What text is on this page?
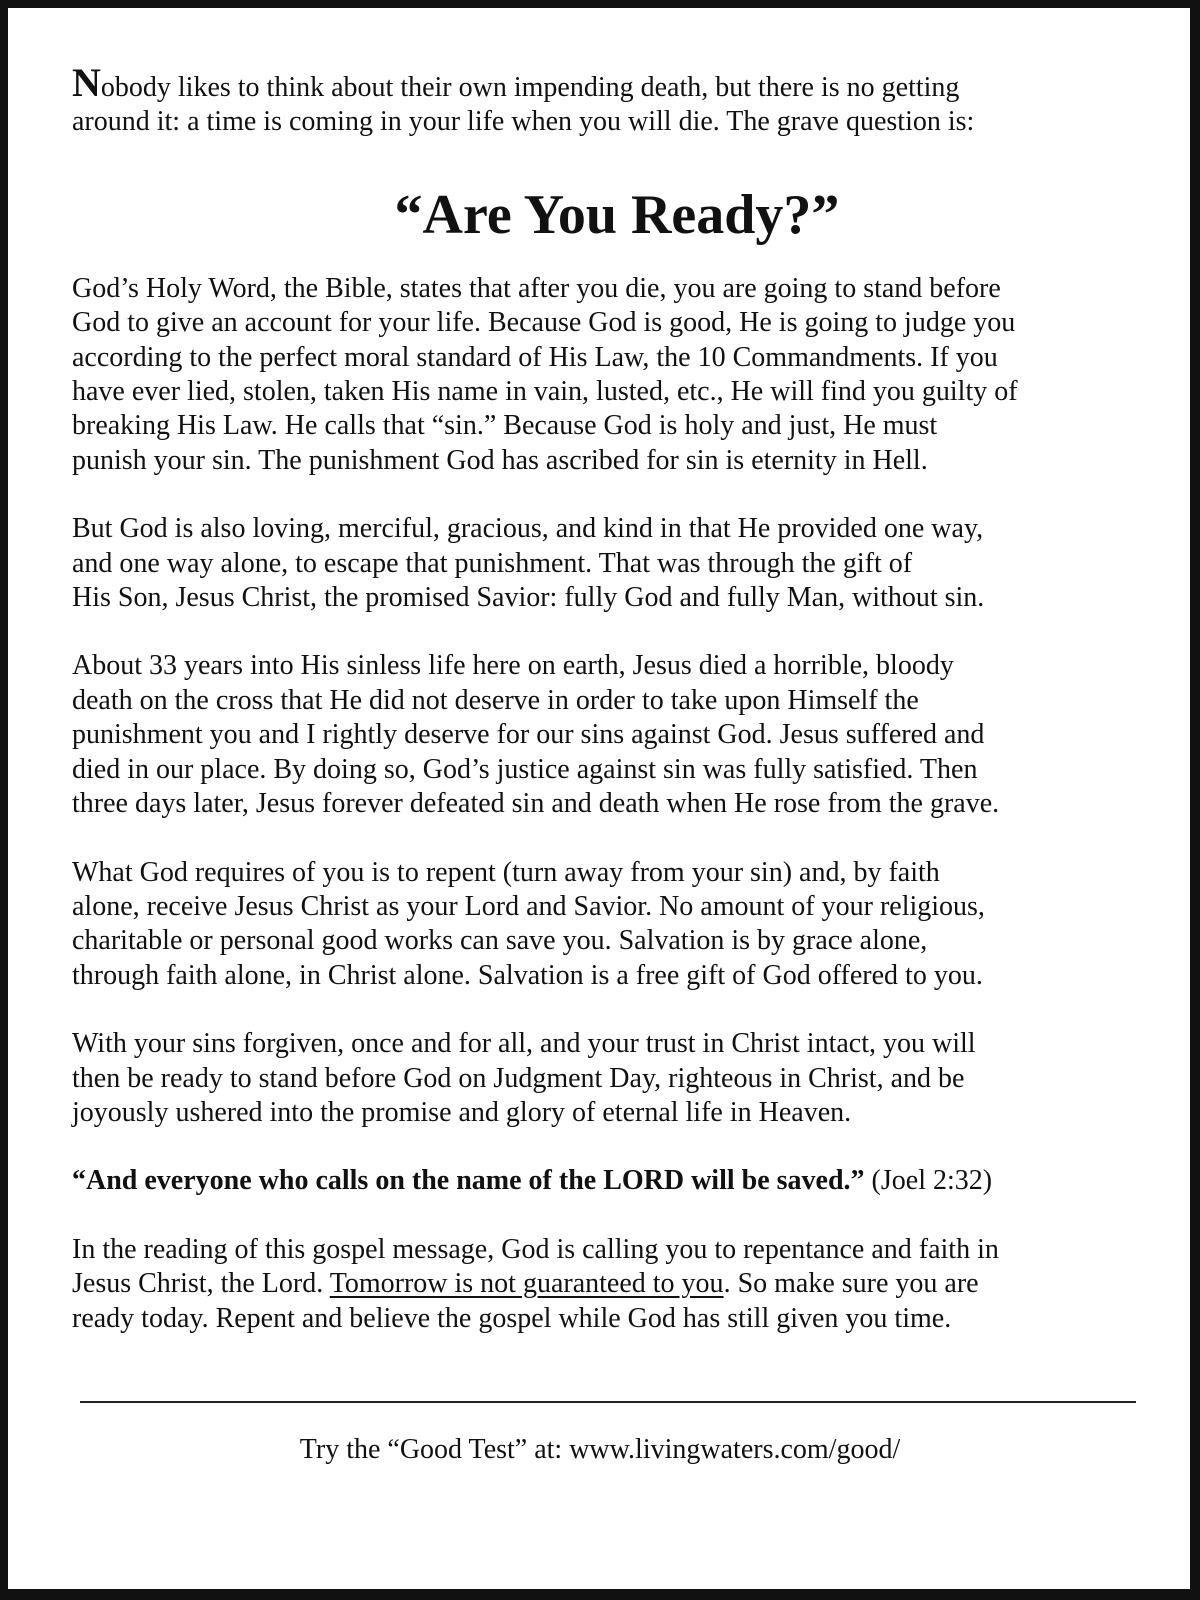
Nobody likes to think about their own impending death, but there is no getting

around it: a time is coming in your life when you will die. The grave question is:

“Are You Ready?”

God’s Holy Word, the Bible, states that after you die, you are going to stand before

God to give an account for your life. Because God is good, He is going to judge you

according to the perfect moral standard of His Law, the 10 Commandments. If you

have ever lied, stolen, taken His name in vain, lusted, etc., He will find you guilty of

breaking His Law. He calls that “sin.” Because God is holy and just, He must

punish your sin. The punishment God has ascribed for sin is eternity in Hell.

But God is also loving, merciful, gracious, and kind in that He provided one way,

and one way alone, to escape that punishment. That was through the gift of

His Son, Jesus Christ, the promised Savior: fully God and fully Man, without sin.

About 33 years into His sinless life here on earth, Jesus died a horrible, bloody

death on the cross that He did not deserve in order to take upon Himself the

punishment you and I rightly deserve for our sins against God. Jesus suffered and

died in our place. By doing so, God’s justice against sin was fully satisfied. Then

three days later, Jesus forever defeated sin and death when He rose from the grave.

What God requires of you is to repent (turn away from your sin) and, by faith

alone, receive Jesus Christ as your Lord and Savior. No amount of your religious,

charitable or personal good works can save you. Salvation is by grace alone,

through faith alone, in Christ alone. Salvation is a free gift of God offered to you.

With your sins forgiven, once and for all, and your trust in Christ intact, you will

then be ready to stand before God on Judgment Day, righteous in Christ, and be

joyously ushered into the promise and glory of eternal life in Heaven.

“And everyone who calls on the name of the LORD will be saved.” (Joel 2:32)

In the reading of this gospel message, God is calling you to repentance and faith in

Jesus Christ, the Lord. Tomorrow is not guaranteed to you. So make sure you are

ready today. Repent and believe the gospel while God has still given you time.

Try the “Good Test” at: www.livingwaters.com/good/
